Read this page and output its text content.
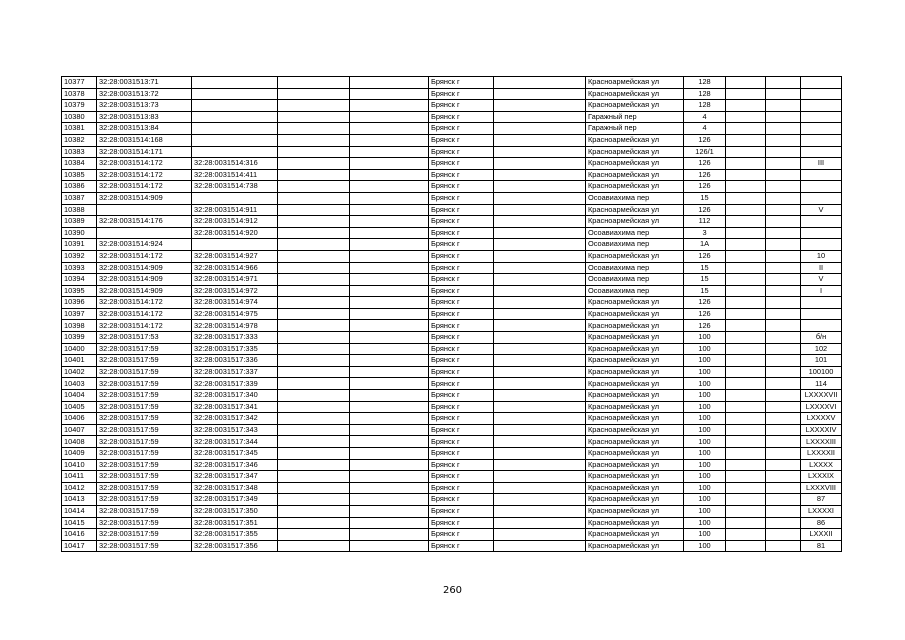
10377	32:28:0031513:71				Брянск г		Красноармейская ул	128			
10378	32:28:0031513:72				Брянск г		Красноармейская ул	128			
10379	32:28:0031513:73				Брянск г		Красноармейская ул	128			
10380	32:28:0031513:83				Брянск г		Гаражный пер	4			
10381	32:28:0031513:84				Брянск г		Гаражный пер	4			
10382	32:28:0031514:168				Брянск г		Красноармейская ул	126			
10383	32:28:0031514:171				Брянск г		Красноармейская ул	126/1			
10384	32:28:0031514:172	32:28:0031514:316			Брянск г		Красноармейская ул	126			III
10385	32:28:0031514:172	32:28:0031514:411			Брянск г		Красноармейская ул	126			
10386	32:28:0031514:172	32:28:0031514:738			Брянск г		Красноармейская ул	126			
10387	32:28:0031514:909				Брянск г		Осоавиахима пер	15			
10388		32:28:0031514:911			Брянск г		Красноармейская ул	126			V
10389	32:28:0031514:176	32:28:0031514:912			Брянск г		Красноармейская ул	112			
10390		32:28:0031514:920			Брянск г		Осоавиахима пер	3			
10391	32:28:0031514:924				Брянск г		Осоавиахима пер	1А			
10392	32:28:0031514:172	32:28:0031514:927			Брянск г		Красноармейская ул	126			10
10393	32:28:0031514:909	32:28:0031514:966			Брянск г		Осоавиахима пер	15			II
10394	32:28:0031514:909	32:28:0031514:971			Брянск г		Осоавиахима пер	15			V
10395	32:28:0031514:909	32:28:0031514:972			Брянск г		Осоавиахима пер	15			I
10396	32:28:0031514:172	32:28:0031514:974			Брянск г		Красноармейская ул	126			
10397	32:28:0031514:172	32:28:0031514:975			Брянск г		Красноармейская ул	126			
10398	32:28:0031514:172	32:28:0031514:978			Брянск г		Красноармейская ул	126			
10399	32:28:0031517:53	32:28:0031517:333			Брянск г		Красноармейская ул	100			б/н
10400	32:28:0031517:59	32:28:0031517:335			Брянск г		Красноармейская ул	100			102
10401	32:28:0031517:59	32:28:0031517:336			Брянск г		Красноармейская ул	100			101
10402	32:28:0031517:59	32:28:0031517:337			Брянск г		Красноармейская ул	100			100100
10403	32:28:0031517:59	32:28:0031517:339			Брянск г		Красноармейская ул	100			114
10404	32:28:0031517:59	32:28:0031517:340			Брянск г		Красноармейская ул	100			LXXXXVII
10405	32:28:0031517:59	32:28:0031517:341			Брянск г		Красноармейская ул	100			LXXXXVI
10406	32:28:0031517:59	32:28:0031517:342			Брянск г		Красноармейская ул	100			LXXXXV
10407	32:28:0031517:59	32:28:0031517:343			Брянск г		Красноармейская ул	100			LXXXXIV
10408	32:28:0031517:59	32:28:0031517:344			Брянск г		Красноармейская ул	100			LXXXXIII
10409	32:28:0031517:59	32:28:0031517:345			Брянск г		Красноармейская ул	100			LXXXXII
10410	32:28:0031517:59	32:28:0031517:346			Брянск г		Красноармейская ул	100			LXXXX
10411	32:28:0031517:59	32:28:0031517:347			Брянск г		Красноармейская ул	100			LXXXIX
10412	32:28:0031517:59	32:28:0031517:348			Брянск г		Красноармейская ул	100			LXXXVIII
10413	32:28:0031517:59	32:28:0031517:349			Брянск г		Красноармейская ул	100			87
10414	32:28:0031517:59	32:28:0031517:350			Брянск г		Красноармейская ул	100			LXXXXI
10415	32:28:0031517:59	32:28:0031517:351			Брянск г		Красноармейская ул	100			86
10416	32:28:0031517:59	32:28:0031517:355			Брянск г		Красноармейская ул	100			LXXXII
10417	32:28:0031517:59	32:28:0031517:356			Брянск г		Красноармейская ул	100			81
260
